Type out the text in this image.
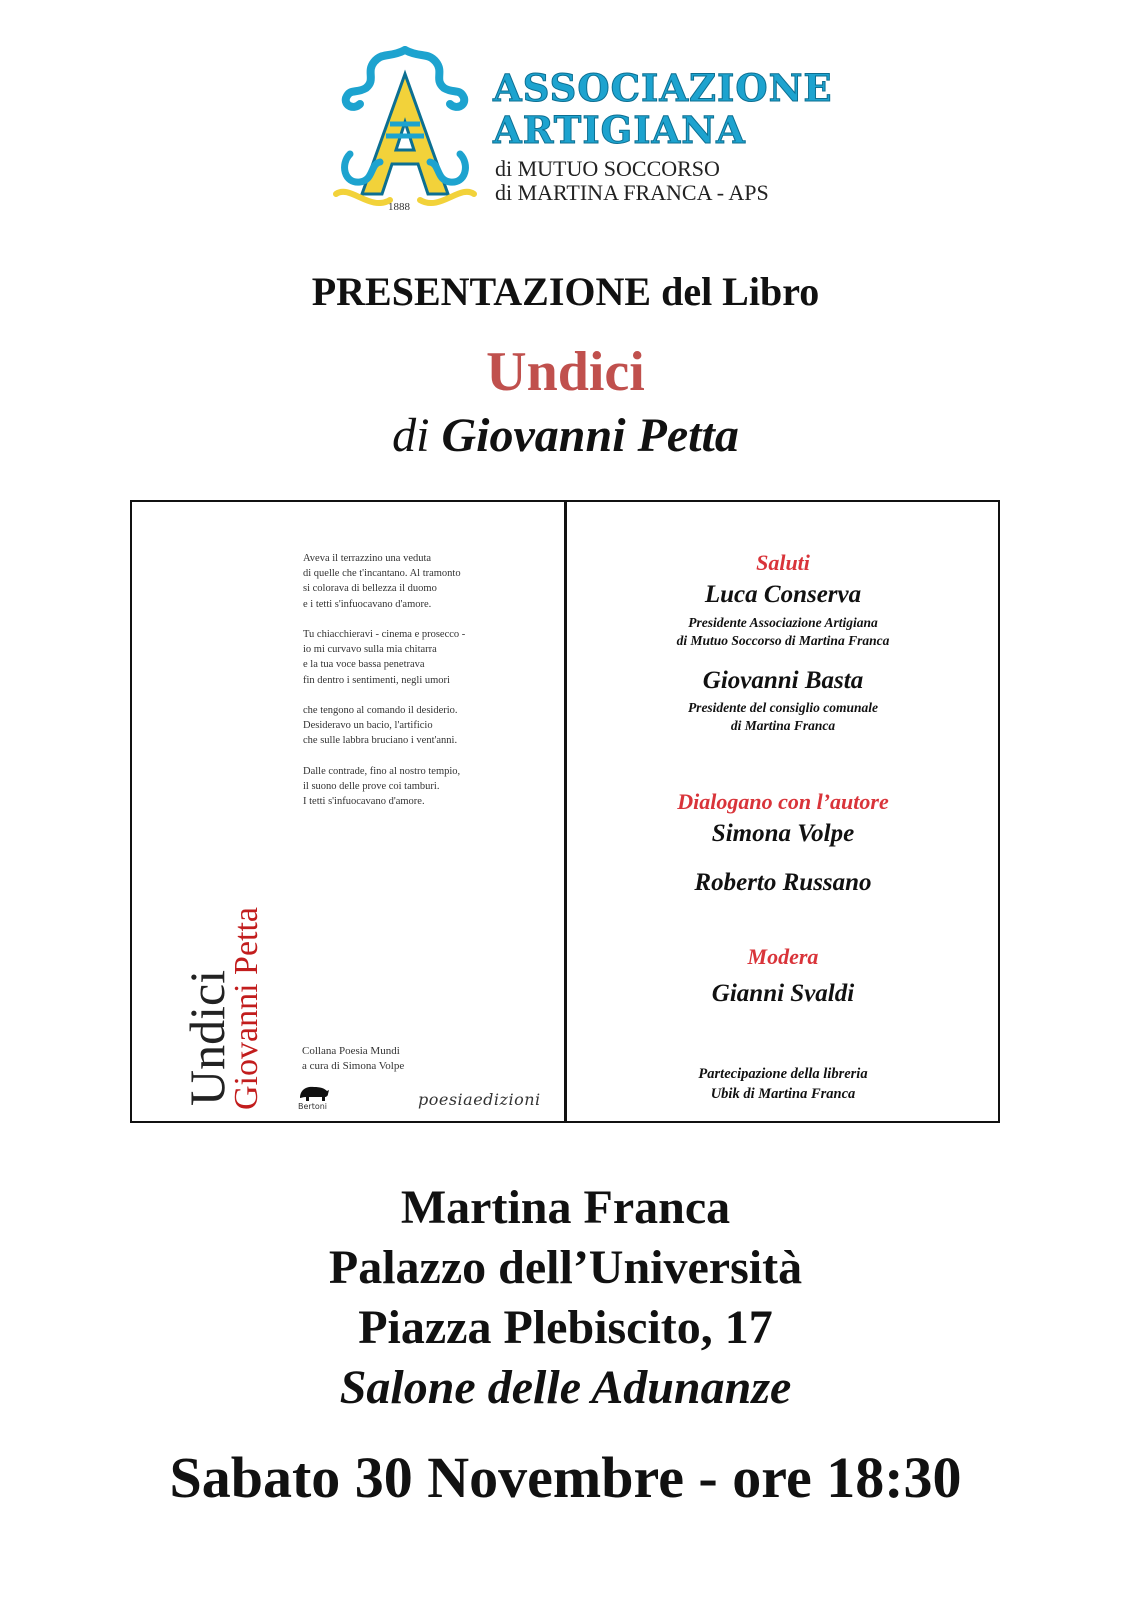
1888
ASSOCIAZIONE
ARTIGIANA
di MUTUO SOCCORSO
di MARTINA FRANCA - APS
PRESENTAZIONE del Libro
Undici
di Giovanni Petta
Aveva il terrazzino una veduta
di quelle che t'incantano. Al tramonto
si colorava di bellezza il duomo
e i tetti s'infuocavano d'amore.
Tu chiacchieravi - cinema e prosecco -
io mi curvavo sulla mia chitarra
e la tua voce bassa penetrava
fin dentro i sentimenti, negli umori
che tengono al comando il desiderio.
Desideravo un bacio, l'artificio
che sulle labbra bruciano i vent'anni.
Dalle contrade, fino al nostro tempio,
il suono delle prove coi tamburi.
I tetti s'infuocavano d'amore.
Undici
Giovanni Petta	Collana Poesia Mundi
a cura di Simona Volpe
Bertoni	poesiaedizioni
Saluti
Luca Conserva
Presidente Associazione Artigiana
di Mutuo Soccorso di Martina Franca
Giovanni Basta
Presidente del consiglio comunale
di Martina Franca
Dialogano con l’autore
Simona Volpe
Roberto Russano
Modera
Gianni Svaldi
Partecipazione della libreria
Ubik di Martina Franca
Martina Franca
Palazzo dell’Università
Piazza Plebiscito, 17
Salone delle Adunanze
Sabato 30 Novembre - ore 18:30
